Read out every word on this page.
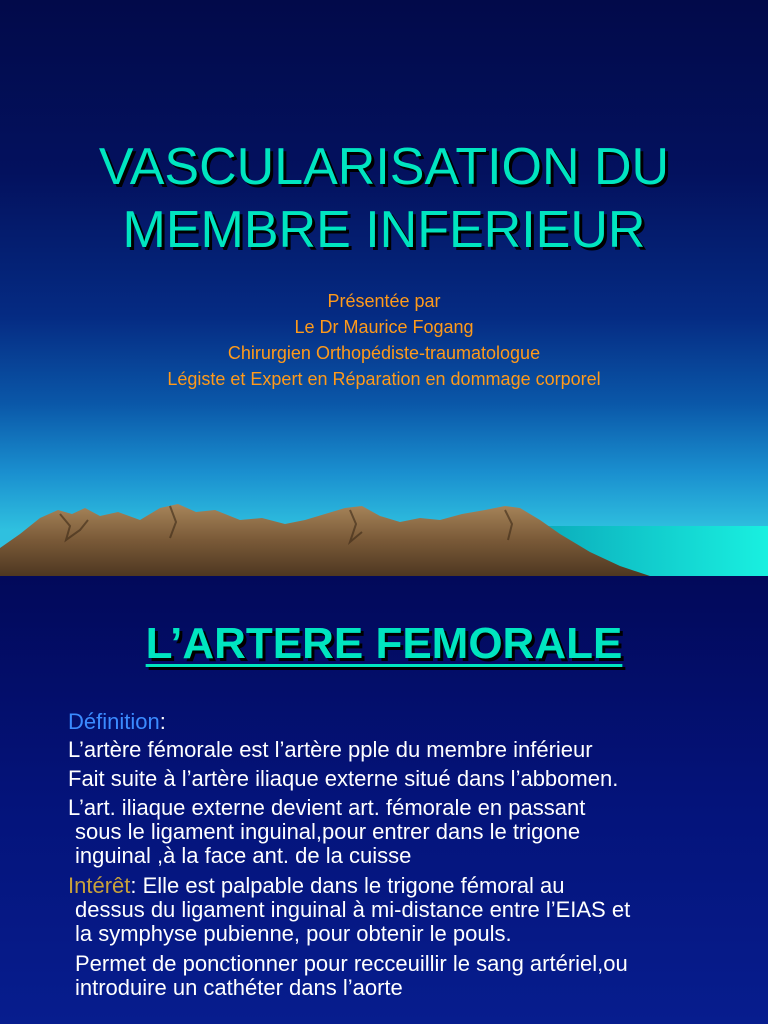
VASCULARISATION DU
MEMBRE INFERIEUR
Présentée par
Le Dr Maurice Fogang
Chirurgien Orthopédiste-traumatologue
Légiste et Expert en Réparation en dommage corporel
L’ARTERE FEMORALE
Définition:
L’artère fémorale est l’artère pple du membre inférieur
Fait suite à l’artère iliaque externe situé dans l’abbomen.
L’art. iliaque externe devient art. fémorale en passant
sous le ligament inguinal,pour entrer dans le trigone
inguinal ,à la face ant. de la cuisse
Intérêt: Elle est palpable dans le trigone fémoral au
dessus du ligament inguinal à mi-distance entre l’EIAS et
la symphyse pubienne, pour obtenir le pouls.
Permet de ponctionner pour recceuillir le sang artériel,ou
introduire un cathéter dans l’aorte
